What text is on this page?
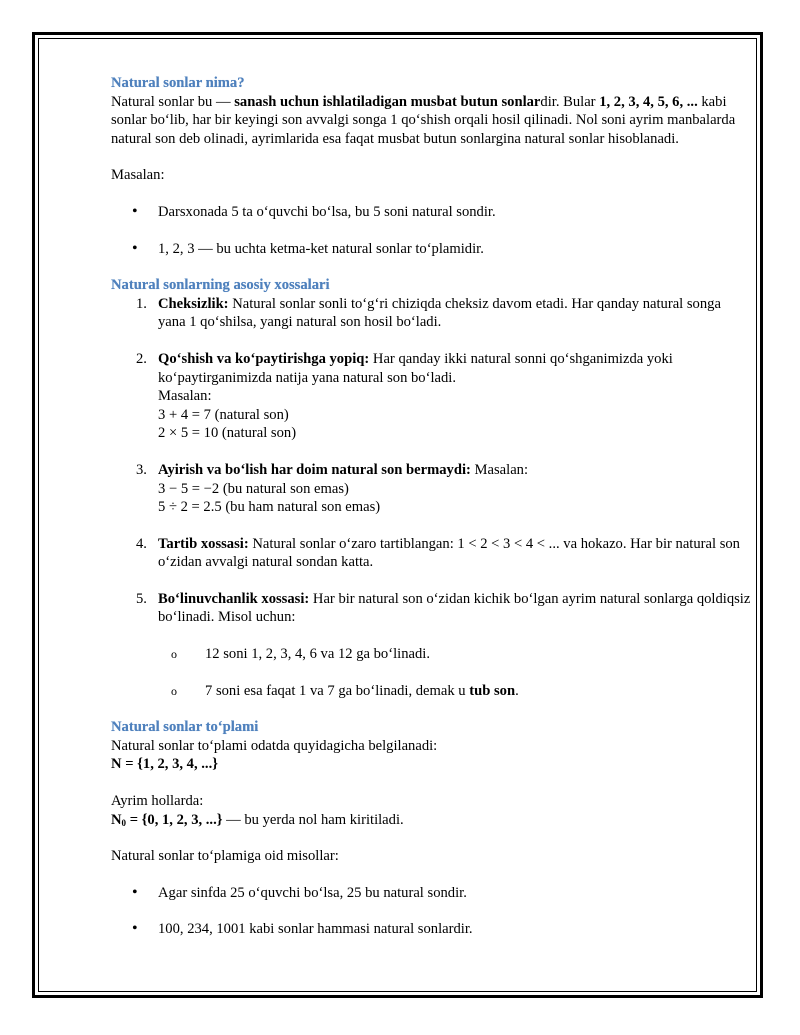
Natural sonlar nima?

Natural sonlar bu — sanash uchun ishlatiladigan musbat butun sonlardir. Bular 1, 2, 3, 4, 5, 6, ... kabi sonlar bo‘lib, har bir keyingi son avvalgi songa 1 qo‘shish orqali hosil qilinadi. Nol soni ayrim manbalarda natural son deb olinadi, ayrimlarida esa faqat musbat butun sonlargina natural sonlar hisoblanadi.

Masalan:

• Darsxonada 5 ta o‘quvchi bo‘lsa, bu 5 soni natural sondir.
• 1, 2, 3 — bu uchta ketma-ket natural sonlar to‘plamidir.

Natural sonlarning asosiy xossalari

1. Cheksizlik: Natural sonlar sonli to‘g‘ri chiziqda cheksiz davom etadi. Har qanday natural songa yana 1 qo‘shilsa, yangi natural son hosil bo‘ladi.
2. Qo‘shish va ko‘paytirishga yopiq: Har qanday ikki natural sonni qo‘shganimizda yoki ko‘paytirganimizda natija yana natural son bo‘ladi.
Masalan:
3 + 4 = 7 (natural son)
2 × 5 = 10 (natural son)
3. Ayirish va bo‘lish har doim natural son bermaydi: Masalan:
3 − 5 = −2 (bu natural son emas)
5 ÷ 2 = 2.5 (bu ham natural son emas)
4. Tartib xossasi: Natural sonlar o‘zaro tartiblangan: 1 < 2 < 3 < 4 < ... va hokazo. Har bir natural son o‘zidan avvalgi natural sondan katta.
5. Bo‘linuvchanlik xossasi: Har bir natural son o‘zidan kichik bo‘lgan ayrim natural sonlarga qoldiqsiz bo‘linadi. Misol uchun:
o 12 soni 1, 2, 3, 4, 6 va 12 ga bo‘linadi.
o 7 soni esa faqat 1 va 7 ga bo‘linadi, demak u tub son.

Natural sonlar to‘plami

Natural sonlar to‘plami odatda quyidagicha belgilanadi:

N = {1, 2, 3, 4, ...}

Ayrim hollarda:

$N_0 = \{0$, 1, 2, 3, ...} — bu yerda nol ham kiritiladi.

Natural sonlar to‘plamiga oid misollar:

• Agar sinfda 25 o‘quvchi bo‘lsa, 25 bu natural sondir.
• 100, 234, 1001 kabi sonlar hammasi natural sonlardir.
